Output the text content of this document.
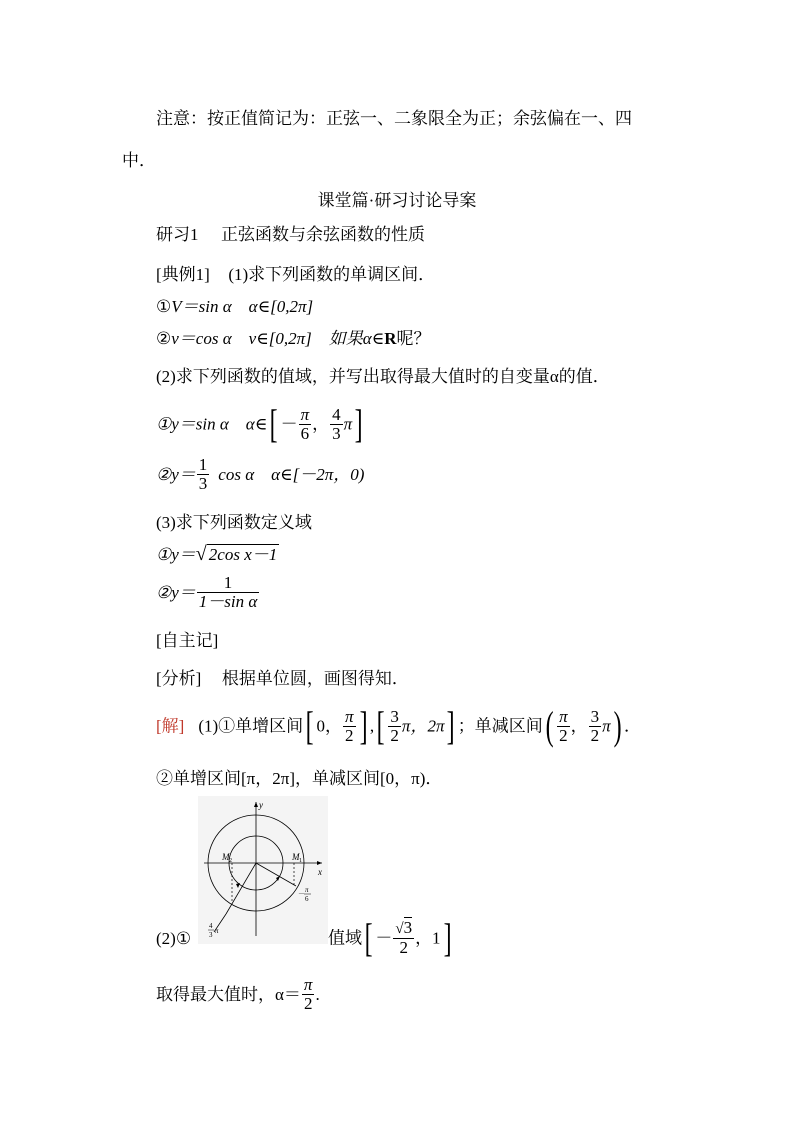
注意：按正值简记为：正弦一、二象限全为正；余弦偏在一、四
中．
课堂篇·研习讨论导案
研习1 正弦函数与余弦函数的性质
[典例1] (1)求下列函数的单调区间．
①V＝sin α　α∈[0,2π]
②v＝cos α　v∈[0,2π]　如果α∈R呢？
(2)求下列函数的值域，并写出取得最大值时的自变量α的值．
①y＝sin α　α∈[ － $\frac{\pi}{6}$ ， $\frac{4}{3} \pi$]
②y＝ $\frac{1}{3}$ cos α　α∈[－2π，0)
(3)求下列函数定义域
①y＝√ 2cos x－1
②y＝ $\frac{1}{\text{1－sin α}}$
[自主记]
[分析] 根据单位圆，画图得知．
[解] (1)①单增区间[ 0， $\frac{\pi}{2}$ ] ,[ $\frac{3}{2}$ π，2π] ；单减区间( $\frac{\pi}{2}$ ， $\frac{3}{2} \pi$) ．
②单增区间[π，2π]，单减区间[0，π)．
y
x
M 1
M 2
－ π
6
4
3 π
(2)①	值域[ － $\frac{√3}{2}$ ，1]
取得最大值时，$\alpha= \frac{\pi}{2}$ .
